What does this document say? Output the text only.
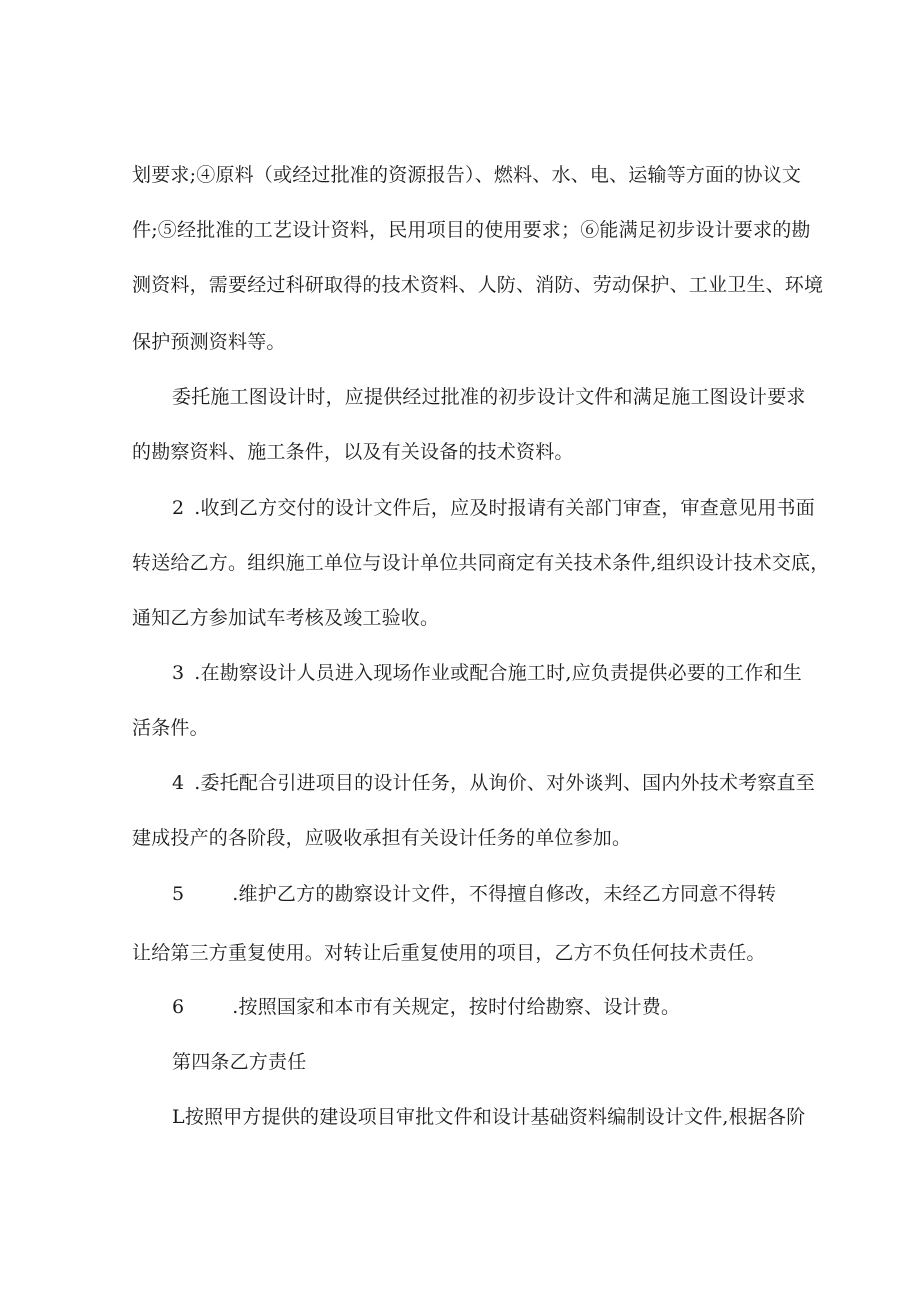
划要求;④原料（或经过批准的资源报告）、燃料、水、电、运输等方面的协议文
件;⑤经批准的工艺设计资料，民用项目的使用要求；⑥能满足初步设计要求的勘
测资料，需要经过科研取得的技术资料、人防、消防、劳动保护、工业卫生、环境
保护预测资料等。
委托施工图设计时，应提供经过批准的初步设计文件和满足施工图设计要求
的勘察资料、施工条件，以及有关设备的技术资料。
2 .收到乙方交付的设计文件后，应及时报请有关部门审查，审查意见用书面
转送给乙方。组织施工单位与设计单位共同商定有关技术条件,组织设计技术交底，
通知乙方参加试车考核及竣工验收。
3 .在勘察设计人员进入现场作业或配合施工时,应负责提供必要的工作和生
活条件。
4 .委托配合引进项目的设计任务，从询价、对外谈判、国内外技术考察直至
建成投产的各阶段，应吸收承担有关设计任务的单位参加。
5	.维护乙方的勘察设计文件，不得擅自修改，未经乙方同意不得转
让给第三方重复使用。对转让后重复使用的项目，乙方不负任何技术责任。
6	.按照国家和本市有关规定，按时付给勘察、设计费。
第四条乙方责任
L按照甲方提供的建设项目审批文件和设计基础资料编制设计文件,根据各阶
